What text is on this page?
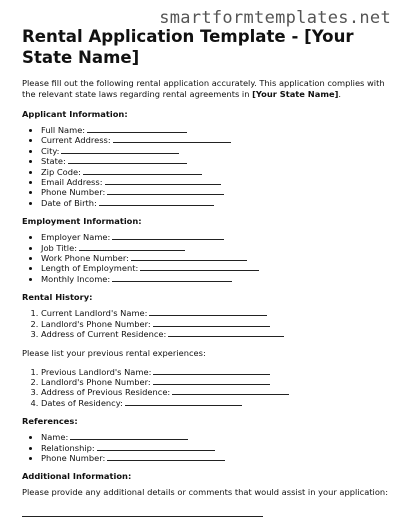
smartformtemplates.net
Rental Application Template - [Your State Name]

Please fill out the following rental application accurately. This application complies with the relevant state laws regarding rental agreements in [Your State Name].

Applicant Information:
• Full Name:
• Current Address:
• City:
• State:
• Zip Code:
• Email Address:
• Phone Number:
• Date of Birth:
Employment Information:
• Employer Name:
• Job Title:
• Work Phone Number:
• Length of Employment:
• Monthly Income:
Rental History:
1. Current Landlord's Name:
2. Landlord's Phone Number:
3. Address of Current Residence:

Please list your previous rental experiences:

1. Previous Landlord's Name:
2. Landlord's Phone Number:
3. Address of Previous Residence:
4. Dates of Residency:
References:
• Name:
• Relationship:
• Phone Number:
Additional Information:

Please provide any additional details or comments that would assist in your application:
